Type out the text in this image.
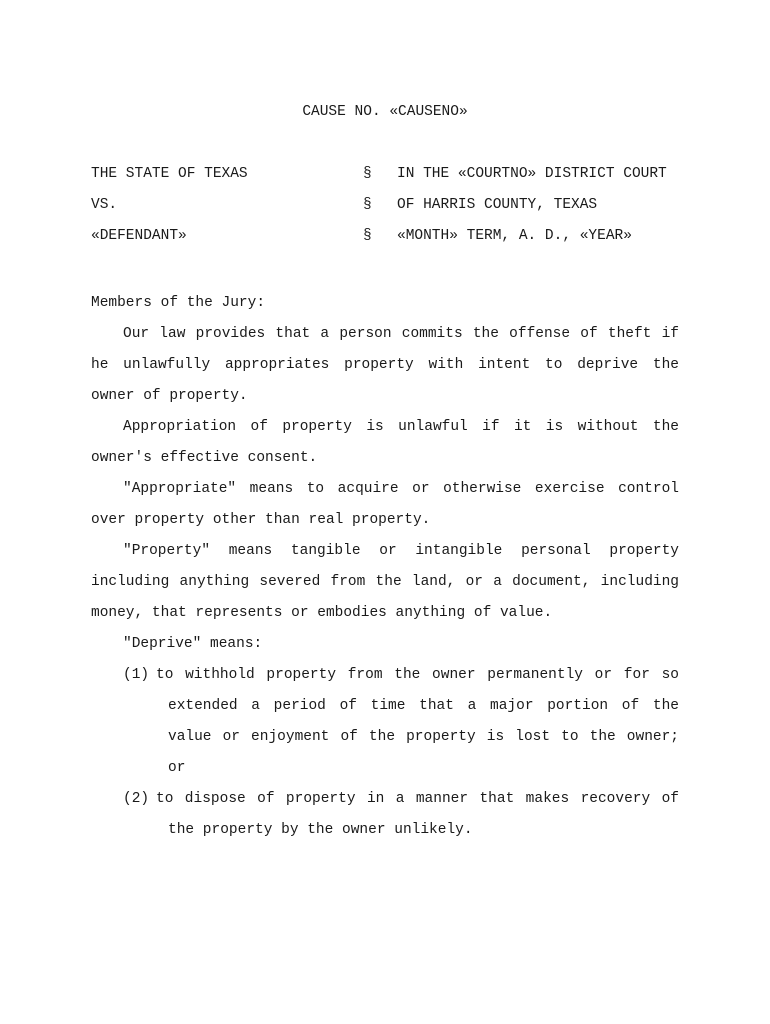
CAUSE NO. «CAUSENO»
THE STATE OF TEXAS	§ IN THE «COURTNO» DISTRICT COURT
VS.	§ OF HARRIS COUNTY, TEXAS
«DEFENDANT»	§ «MONTH» TERM, A. D., «YEAR»

Members of the Jury:

Our law provides that a person commits the offense of theft if he unlawfully appropriates property with intent to deprive the owner of property.

Appropriation of property is unlawful if it is without the owner's effective consent.

"Appropriate" means to acquire or otherwise exercise control over property other than real property.

"Property" means tangible or intangible personal property including anything severed from the land, or a document, including money, that represents or embodies anything of value.

"Deprive" means:

(1) to withhold property from the owner permanently or for so extended a period of time that a major portion of the value or enjoyment of the property is lost to the owner; or
(2) to dispose of property in a manner that makes recovery of the property by the owner unlikely.
